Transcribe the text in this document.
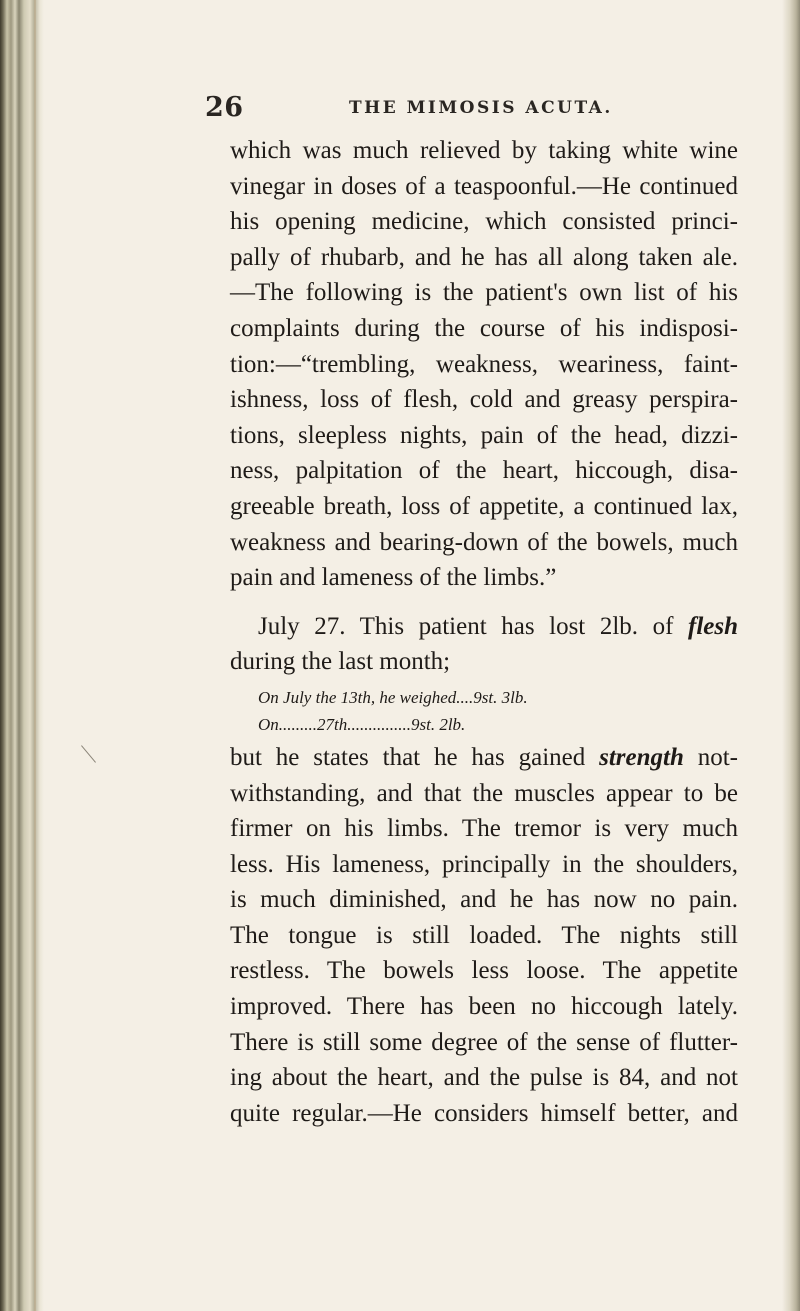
26	THE MIMOSIS ACUTA.
which was much relieved by taking white wine
vinegar in doses of a teaspoonful.—He continued
his opening medicine, which consisted princi-
pally of rhubarb, and he has all along taken ale.
—The following is the patient's own list of his
complaints during the course of his indisposi-
tion:—“trembling, weakness, weariness, faint-
ishness, loss of flesh, cold and greasy perspira-
tions, sleepless nights, pain of the head, dizzi-
ness, palpitation of the heart, hiccough, disa-
greeable breath, loss of appetite, a continued lax,
weakness and bearing-down of the bowels, much
pain and lameness of the limbs.”
July 27. This patient has lost 2lb. of flesh
during the last month;
On July the 13th, he weighed....9st. 3lb.
On.........27th...............9st. 2lb.
but he states that he has gained strength not-
withstanding, and that the muscles appear to be
firmer on his limbs. The tremor is very much
less. His lameness, principally in the shoulders,
is much diminished, and he has now no pain.
The tongue is still loaded. The nights still
restless. The bowels less loose. The appetite
improved. There has been no hiccough lately.
There is still some degree of the sense of flutter-
ing about the heart, and the pulse is 84, and not
quite regular.—He considers himself better, and
